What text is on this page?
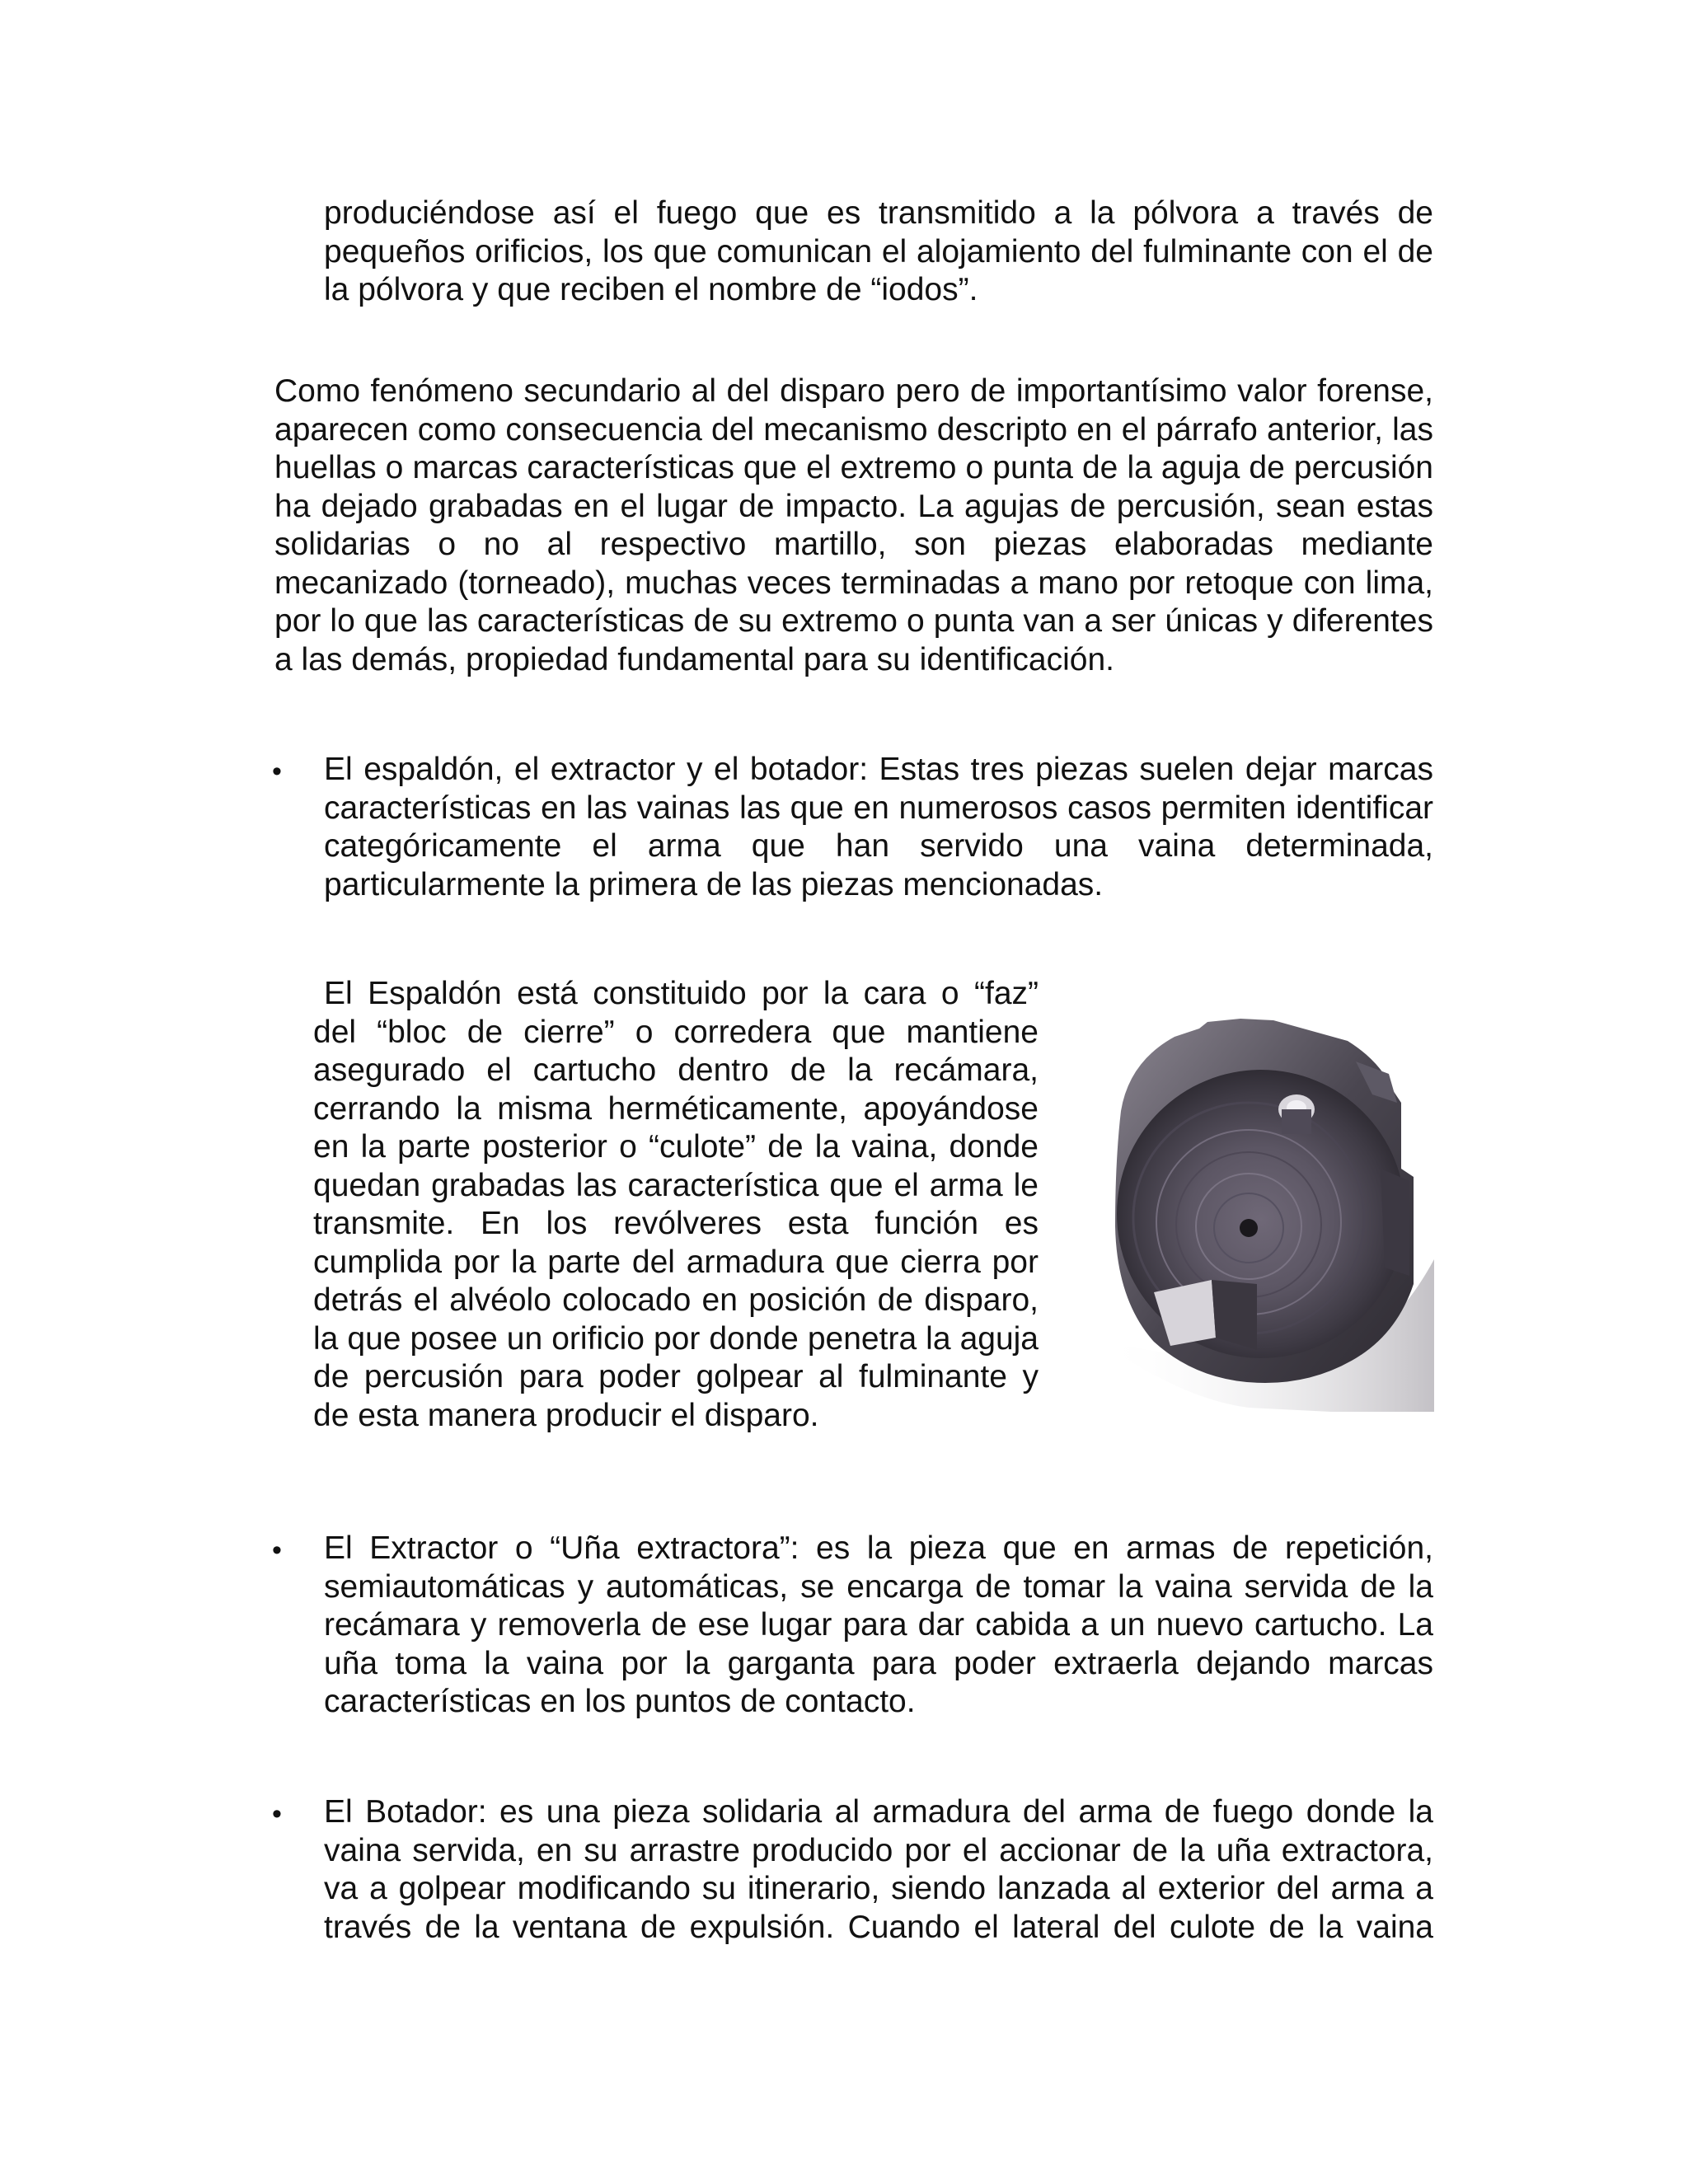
produciéndose así el fuego que es transmitido a la pólvora a través de pequeños orificios, los que comunican el alojamiento del fulminante con el de la pólvora y que reciben el nombre de “iodos”.

Como fenómeno secundario al del disparo pero de importantísimo valor forense, aparecen como consecuencia del mecanismo descripto en el párrafo anterior, las huellas o marcas características que el extremo o punta de la aguja de percusión ha dejado grabadas en el lugar de impacto. La agujas de percusión, sean estas solidarias o no al respectivo martillo, son piezas elaboradas mediante mecanizado (torneado), muchas veces terminadas a mano por retoque con lima, por lo que las características de su extremo o punta van a ser únicas y diferentes a las demás, propiedad fundamental para su identificación.

• El espaldón, el extractor y el botador: Estas tres piezas suelen dejar marcas características en las vainas las que en numerosos casos permiten identificar categóricamente el arma que han servido una vaina determinada, particularmente la primera de las piezas mencionadas.

El Espaldón está constituido por la cara o “faz” del “bloc de cierre” o corredera que mantiene asegurado el cartucho dentro de la recámara, cerrando la misma herméticamente, apoyándose en la parte posterior o “culote” de la vaina, donde quedan grabadas las característica que el arma le transmite. En los revólveres esta función es cumplida por la parte del armadura que cierra por detrás el alvéolo colocado en posición de disparo, la que posee un orificio por donde penetra la aguja de percusión para poder golpear al fulminante y de esta manera producir el disparo.

• El Extractor o “Uña extractora”: es la pieza que en armas de repetición, semiautomáticas y automáticas, se encarga de tomar la vaina servida de la recámara y removerla de ese lugar para dar cabida a un nuevo cartucho. La uña toma la vaina por la garganta para poder extraerla dejando marcas características en los puntos de contacto.

• El Botador: es una pieza solidaria al armadura del arma de fuego donde la vaina servida, en su arrastre producido por el accionar de la uña extractora, va a golpear modificando su itinerario, siendo lanzada al exterior del arma a través de la ventana de expulsión. Cuando el lateral del culote de la vaina
